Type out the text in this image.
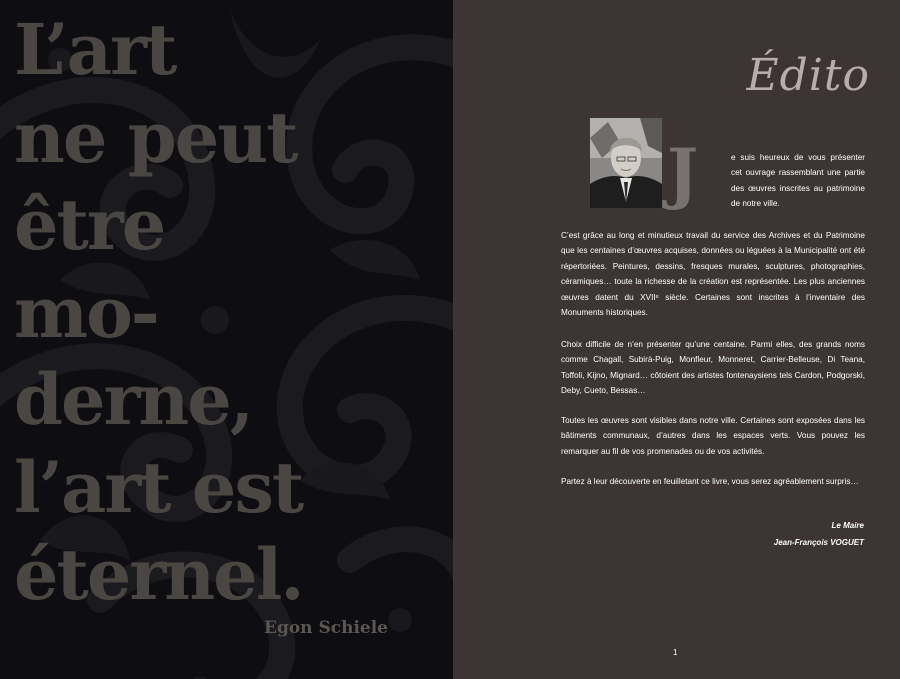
L’art
ne peut
être
mo-
derne,
l’art est
éternel.
Egon Schiele
Édito
J	e suis heureux de vous présenter cet ouvrage rassemblant une partie des œuvres inscrites au patrimoine de notre ville.

C’est grâce au long et minutieux travail du service des Archives et du Patrimoine que les centaines d’œuvres acquises, données ou léguées à la Municipalité ont été répertoriées. Peintures, dessins, fresques murales, sculptures, photographies, céramiques… toute la richesse de la création est représentée. Les plus anciennes œuvres datent du XVIIᵉ siècle. Certaines sont inscrites à l’inventaire des Monuments historiques.

Choix difficile de n’en présenter qu’une centaine. Parmi elles, des grands noms comme Chagall, Subirà-Puig, Monfleur, Monneret, Carrier-Belleuse, Di Teana, Toffoli, Kijno, Mignard… côtoient des artistes fontenaysiens tels Cardon, Podgorski, Deby, Cueto, Bessas…

Toutes les œuvres sont visibles dans notre ville. Certaines sont exposées dans les bâtiments communaux, d’autres dans les espaces verts. Vous pouvez les remarquer au fil de vos promenades ou de vos activités.

Partez à leur découverte en feuilletant ce livre, vous serez agréablement surpris…

Le Maire

Jean-François VOGUET

1
